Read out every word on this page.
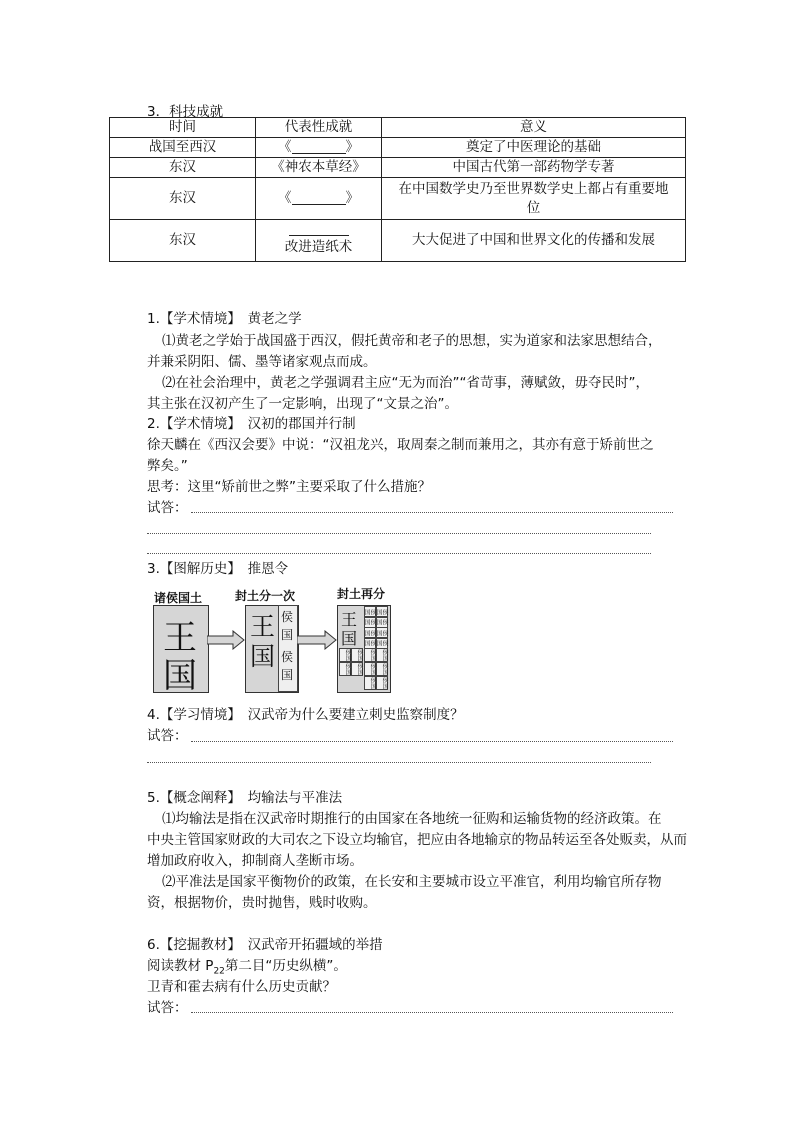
3．科技成就
时间	代表性成就	意义
战国至西汉	《 》	奠定了中医理论的基础
东汉	《神农本草经》	中国古代第一部药物学专著
东汉	《 》	在中国数学史乃至世界数学史上都占有重要地
位

东汉	改进造纸术	大大促进了中国和世界文化的传播和发展
1.【学术情境】　黄老之学
⑴黄老之学始于战国盛于西汉，假托黄帝和老子的思想，实为道家和法家思想结合，
并兼采阴阳、儒、墨等诸家观点而成。
⑵在社会治理中，黄老之学强调君主应“无为而治”“省苛事，薄赋敛，毋夺民时”，
其主张在汉初产生了一定影响，出现了“文景之治”。
2.【学术情境】　汉初的郡国并行制
徐天麟在《西汉会要》中说：“汉祖龙兴，取周秦之制而兼用之，其亦有意于矫前世之
弊矣。”
思考：这里“矫前世之弊”主要采取了什么措施？
试答：
3.【图解历史】　推恩令
诸侯国土	封土分一次	封土再分
王
国
王
国
侯
国
侯
国
王
国
侯国
侯国
侯国
侯国
侯国
侯国
侯国
侯国
侯国
侯国
侯国
侯国
侯国
侯国
侯国
侯国
侯国
侯国
4.【学习情境】　汉武帝为什么要建立刺史监察制度？
试答：
5.【概念阐释】　均输法与平准法
⑴均输法是指在汉武帝时期推行的由国家在各地统一征购和运输货物的经济政策。在
中央主管国家财政的大司农之下设立均输官，把应由各地输京的物品转运至各处贩卖，从而
增加政府收入，抑制商人垄断市场。
⑵平准法是国家平衡物价的政策，在长安和主要城市设立平准官，利用均输官所存物
资，根据物价，贵时抛售，贱时收购。
6.【挖掘教材】　汉武帝开拓疆域的举措
阅读教材 $P_{22}$第二目“历史纵横”。
卫青和霍去病有什么历史贡献？
试答：
